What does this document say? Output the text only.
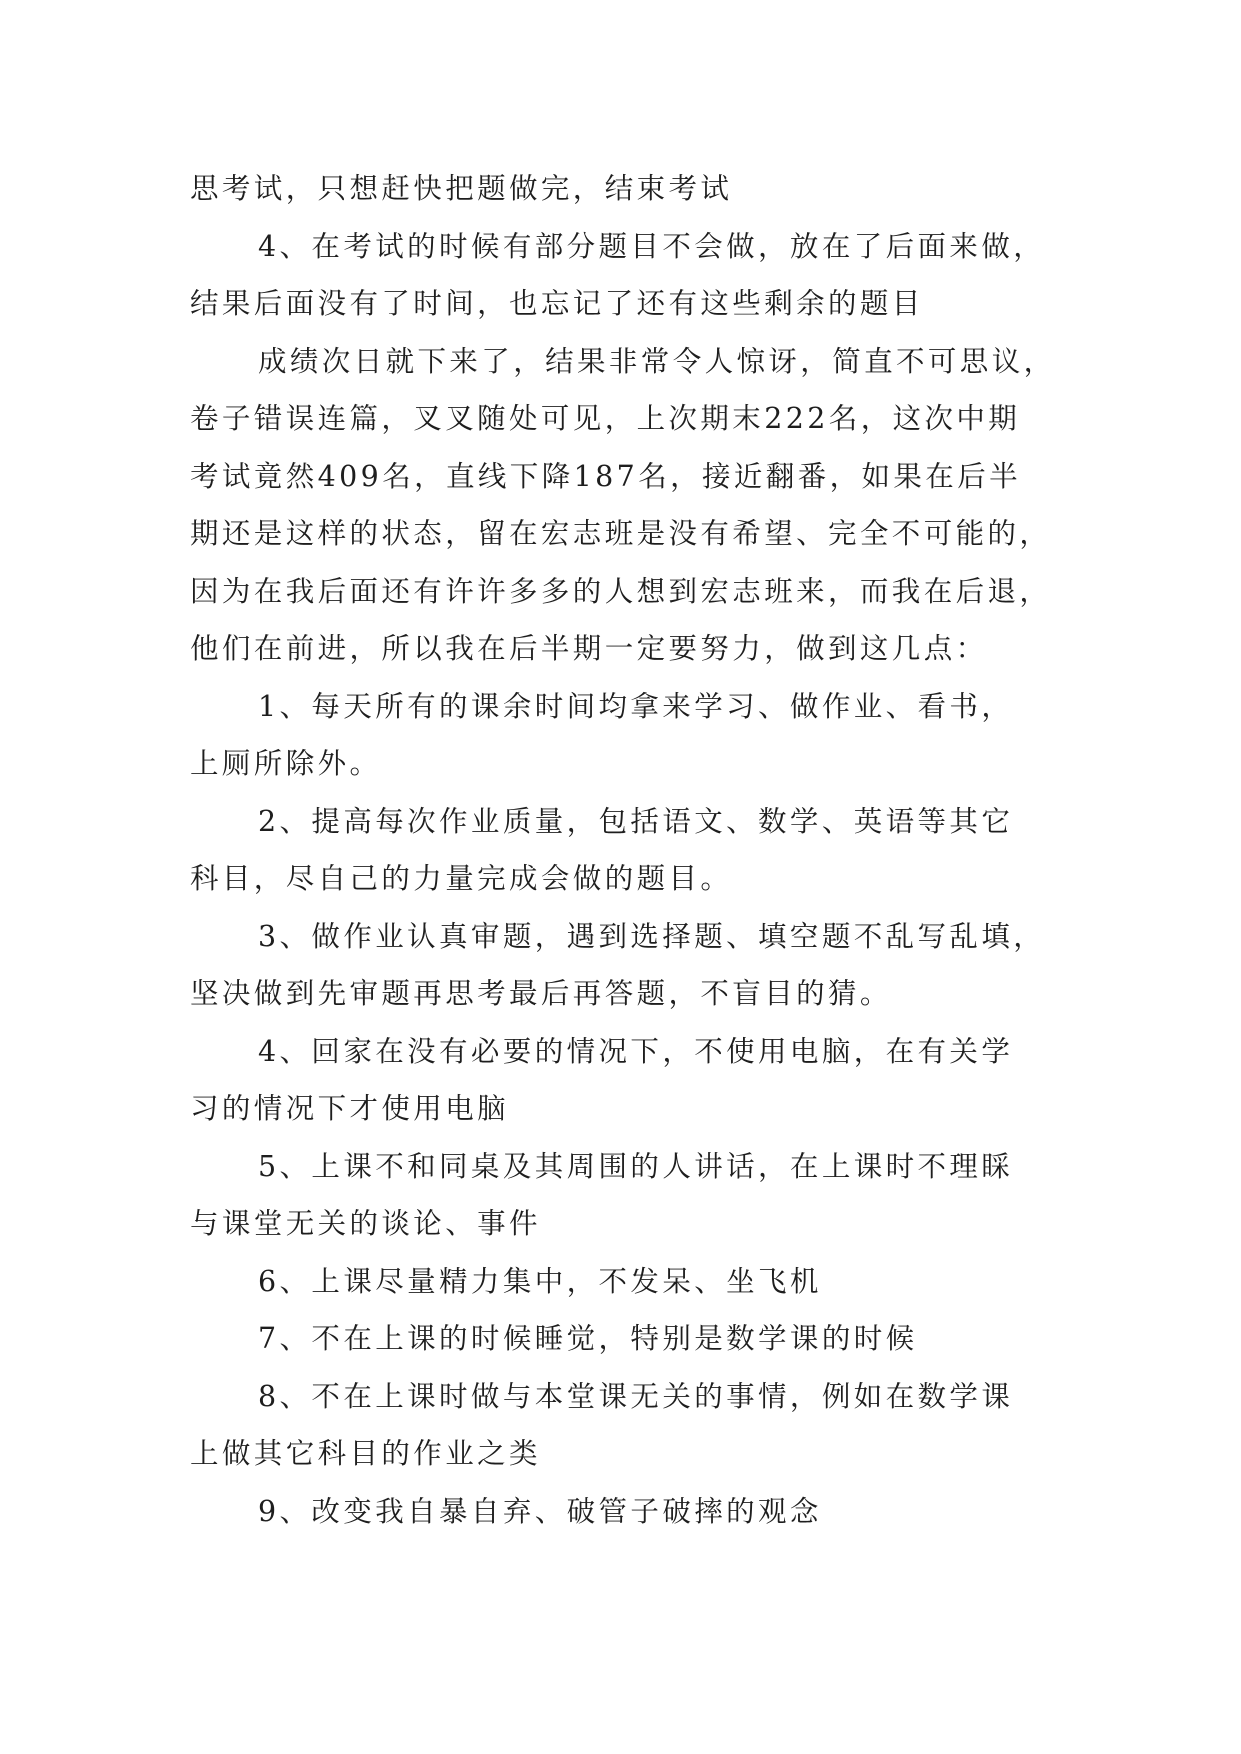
思考试，只想赶快把题做完，结束考试

4、在考试的时候有部分题目不会做，放在了后面来做，

结果后面没有了时间，也忘记了还有这些剩余的题目

成绩次日就下来了，结果非常令人惊讶，简直不可思议，

卷子错误连篇，叉叉随处可见，上次期末222名，这次中期

考试竟然409名，直线下降187名，接近翻番，如果在后半

期还是这样的状态，留在宏志班是没有希望、完全不可能的，

因为在我后面还有许许多多的人想到宏志班来，而我在后退，

他们在前进，所以我在后半期一定要努力，做到这几点：

1、每天所有的课余时间均拿来学习、做作业、看书，

上厕所除外。

2、提高每次作业质量，包括语文、数学、英语等其它

科目，尽自己的力量完成会做的题目。

3、做作业认真审题，遇到选择题、填空题不乱写乱填，

坚决做到先审题再思考最后再答题，不盲目的猜。

4、回家在没有必要的情况下，不使用电脑，在有关学

习的情况下才使用电脑

5、上课不和同桌及其周围的人讲话，在上课时不理睬

与课堂无关的谈论、事件

6、上课尽量精力集中，不发呆、坐飞机

7、不在上课的时候睡觉，特别是数学课的时候

8、不在上课时做与本堂课无关的事情，例如在数学课

上做其它科目的作业之类

9、改变我自暴自弃、破管子破摔的观念
